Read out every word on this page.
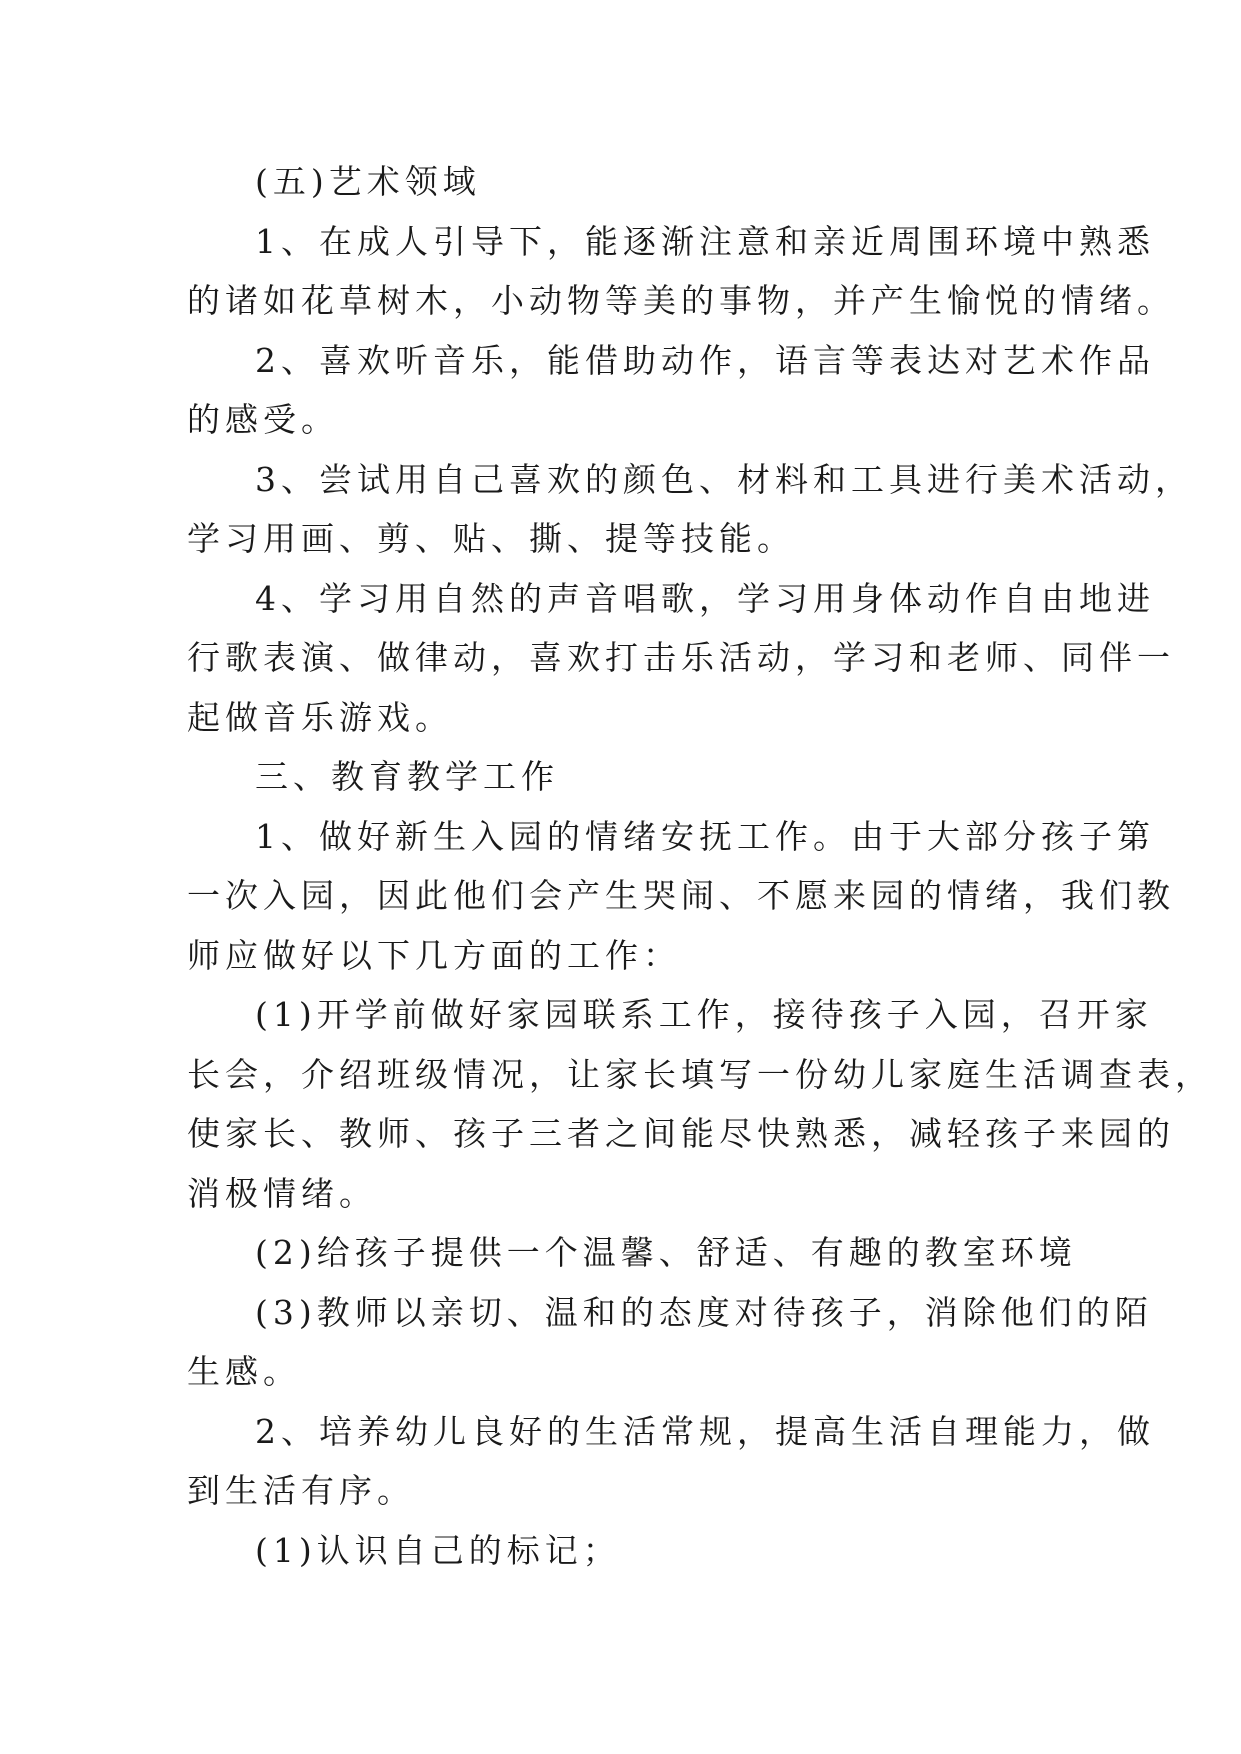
(五)艺术领域
1、在成人引导下，能逐渐注意和亲近周围环境中熟悉
的诸如花草树木，小动物等美的事物，并产生愉悦的情绪。
2、喜欢听音乐，能借助动作，语言等表达对艺术作品
的感受。
3、尝试用自己喜欢的颜色、材料和工具进行美术活动，
学习用画、剪、贴、撕、提等技能。
4、学习用自然的声音唱歌，学习用身体动作自由地进
行歌表演、做律动，喜欢打击乐活动，学习和老师、同伴一
起做音乐游戏。
三、教育教学工作
1、做好新生入园的情绪安抚工作。由于大部分孩子第
一次入园，因此他们会产生哭闹、不愿来园的情绪，我们教
师应做好以下几方面的工作：
(1)开学前做好家园联系工作，接待孩子入园，召开家
长会，介绍班级情况，让家长填写一份幼儿家庭生活调查表，
使家长、教师、孩子三者之间能尽快熟悉，减轻孩子来园的
消极情绪。
(2)给孩子提供一个温馨、舒适、有趣的教室环境
(3)教师以亲切、温和的态度对待孩子，消除他们的陌
生感。
2、培养幼儿良好的生活常规，提高生活自理能力，做
到生活有序。
(1)认识自己的标记；
